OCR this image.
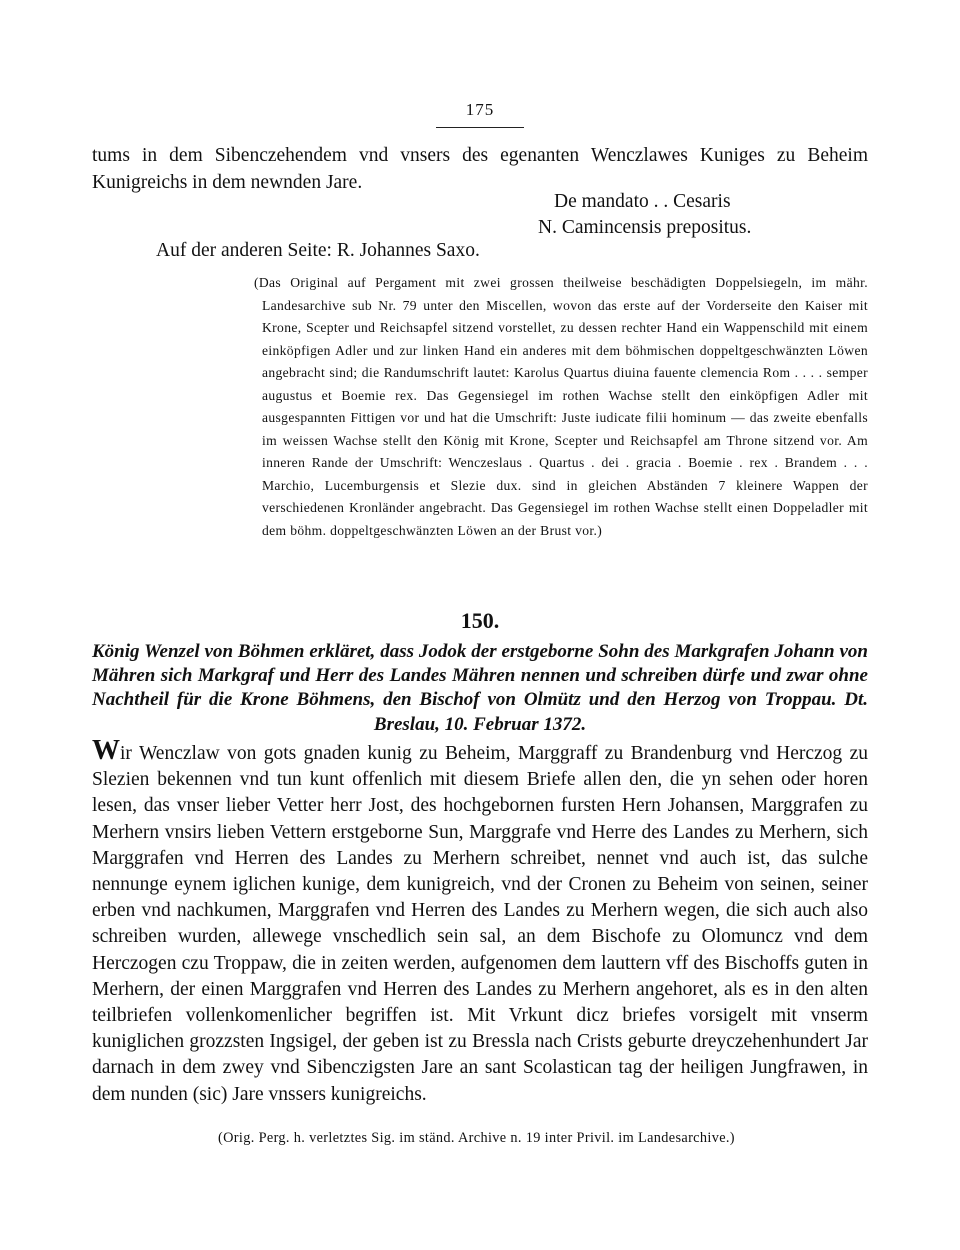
175

tums in dem Sibenczehendem vnd vnsers des egenanten Wenczlawes Kuniges zu Beheim Kunigreichs in dem newnden Jare.

De mandato . . Cesaris

N. Camincensis prepositus.

Auf der anderen Seite: R. Johannes Saxo.

(Das Original auf Pergament mit zwei grossen theilweise beschädigten Doppelsiegeln, im mähr. Landesarchive sub Nr. 79 unter den Miscellen, wovon das erste auf der Vorderseite den Kaiser mit Krone, Scepter und Reichsapfel sitzend vorstellet, zu dessen rechter Hand ein Wappenschild mit einem einköpfigen Adler und zur linken Hand ein anderes mit dem böhmischen doppeltgeschwänzten Löwen angebracht sind; die Randumschrift lautet: Karolus Quartus diuina fauente clemencia Rom . . . . semper augustus et Boemie rex. Das Gegensiegel im rothen Wachse stellt den einköpfigen Adler mit ausgespannten Fittigen vor und hat die Umschrift: Juste iudicate filii hominum — das zweite ebenfalls im weissen Wachse stellt den König mit Krone, Scepter und Reichsapfel am Throne sitzend vor. Am inneren Rande der Umschrift: Wenczeslaus . Quartus . dei . gracia . Boemie . rex . Brandem . . . Marchio, Lucemburgensis et Slezie dux. sind in gleichen Abständen 7 kleinere Wappen der verschiedenen Kronländer angebracht. Das Gegensiegel im rothen Wachse stellt einen Doppeladler mit dem böhm. doppeltgeschwänzten Löwen an der Brust vor.)

150.

König Wenzel von Böhmen erkläret, dass Jodok der erstgeborne Sohn des Markgrafen Johann von Mähren sich Markgraf und Herr des Landes Mähren nennen und schreiben dürfe und zwar ohne Nachtheil für die Krone Böhmens, den Bischof von Olmütz und den Herzog von Troppau. Dt. Breslau, 10. Februar 1372.

Wir Wenczlaw von gots gnaden kunig zu Beheim, Marggraff zu Brandenburg vnd Herczog zu Slezien bekennen vnd tun kunt offenlich mit diesem Briefe allen den, die yn sehen oder horen lesen, das vnser lieber Vetter herr Jost, des hochgebornen fursten Hern Johansen, Marggrafen zu Merhern vnsirs lieben Vettern erstgeborne Sun, Marggrafe vnd Herre des Landes zu Merhern, sich Marggrafen vnd Herren des Landes zu Merhern schreibet, nennet vnd auch ist, das sulche nennunge eynem iglichen kunige, dem kunigreich, vnd der Cronen zu Beheim von seinen, seiner erben vnd nachkumen, Marggrafen vnd Herren des Landes zu Merhern wegen, die sich auch also schreiben wurden, allewege vnschedlich sein sal, an dem Bischofe zu Olomuncz vnd dem Herczogen czu Troppaw, die in zeiten werden, aufgenomen dem lauttern vff des Bischoffs guten in Merhern, der einen Marggrafen vnd Herren des Landes zu Merhern angehoret, als es in den alten teilbriefen vollenkomenlicher begriffen ist. Mit Vrkunt dicz briefes vorsigelt mit vnserm kuniglichen grozzsten Ingsigel, der geben ist zu Bressla nach Crists geburte dreyczehenhundert Jar darnach in dem zwey vnd Sibenczigsten Jare an sant Scolastican tag der heiligen Jungfrawen, in dem nunden (sic) Jare vnssers kunigreichs.

(Orig. Perg. h. verletztes Sig. im ständ. Archive n. 19 inter Privil. im Landesarchive.)
